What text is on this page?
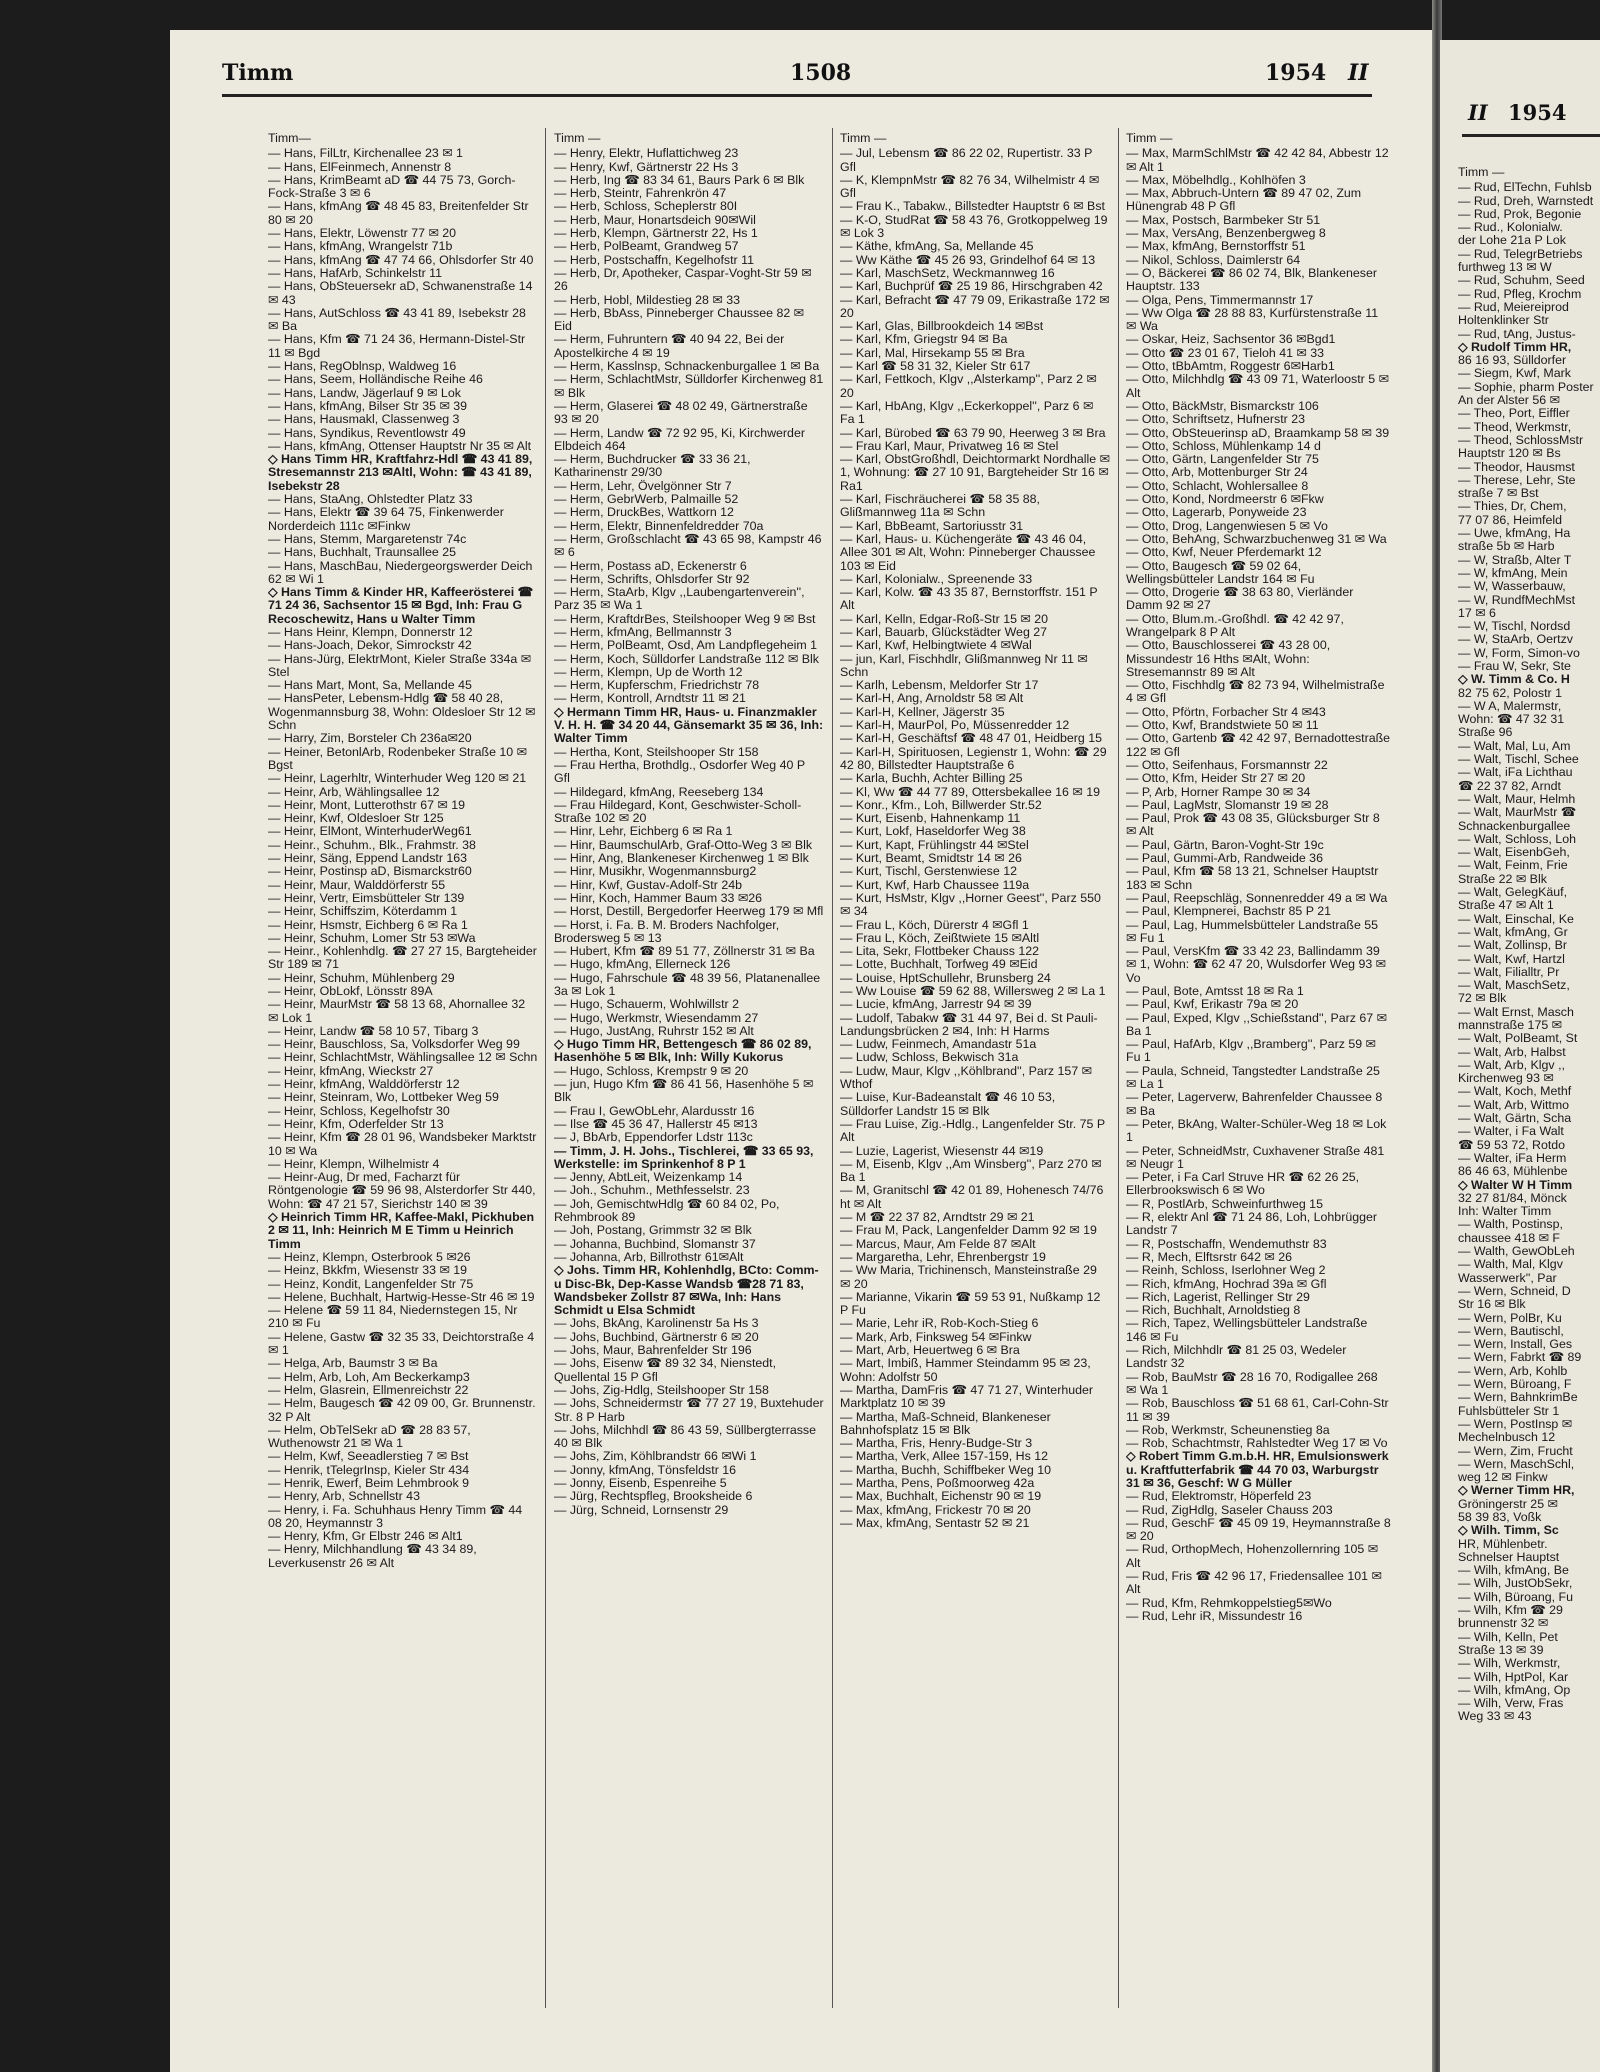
Timm	1508	1954 II
II 1954
Timm—
— Hans, FilLtr, Kirchenallee 23 ✉ 1
— Hans, ElFeinmech, Annenstr 8
— Hans, KrimBeamt aD ☎ 44 75 73, Gorch-Fock-Straße 3 ✉ 6
— Hans, kfmAng ☎ 48 45 83, Breitenfelder Str 80 ✉ 20
— Hans, Elektr, Löwenstr 77 ✉ 20
— Hans, kfmAng, Wrangelstr 71b
— Hans, kfmAng ☎ 47 74 66, Ohlsdorfer Str 40
— Hans, HafArb, Schinkelstr 11
— Hans, ObSteuersekr aD, Schwanenstraße 14 ✉ 43
— Hans, AutSchloss ☎ 43 41 89, Isebekstr 28 ✉ Ba
— Hans, Kfm ☎ 71 24 36, Hermann-Distel-Str 11 ✉ Bgd
— Hans, RegOblnsp, Waldweg 16
— Hans, Seem, Holländische Reihe 46
— Hans, Landw, Jägerlauf 9 ✉ Lok
— Hans, kfmAng, Bilser Str 35 ✉ 39
— Hans, Hausmakl, Classenweg 3
— Hans, Syndikus, Reventlowstr 49
— Hans, kfmAng, Ottenser Hauptstr Nr 35 ✉ Alt
◇ Hans Timm HR, Kraftfahrz-Hdl ☎ 43 41 89, Stresemannstr 213 ✉Altl, Wohn: ☎ 43 41 89, Isebekstr 28
— Hans, StaAng, Ohlstedter Platz 33
— Hans, Elektr ☎ 39 64 75, Finkenwerder Norderdeich 111c ✉Finkw
— Hans, Stemm, Margaretenstr 74c
— Hans, Buchhalt, Traunsallee 25
— Hans, MaschBau, Niedergeorgswerder Deich 62 ✉ Wi 1
◇ Hans Timm & Kinder HR, Kaffeerösterei ☎ 71 24 36, Sachsentor 15 ✉ Bgd, Inh: Frau G Recoschewitz, Hans u Walter Timm
— Hans Heinr, Klempn, Donnerstr 12
— Hans-Joach, Dekor, Simrockstr 42
— Hans-Jürg, ElektrMont, Kieler Straße 334a ✉ Stel
— Hans Mart, Mont, Sa, Mellande 45
— HansPeter, Lebensm-Hdlg ☎ 58 40 28, Wogenmannsburg 38, Wohn: Oldesloer Str 12 ✉ Schn
— Harry, Zim, Borsteler Ch 236a✉20
— Heiner, BetonlArb, Rodenbeker Straße 10 ✉ Bgst
— Heinr, Lagerhltr, Winterhuder Weg 120 ✉ 21
— Heinr, Arb, Wählingsallee 12
— Heinr, Mont, Lutterothstr 67 ✉ 19
— Heinr, Kwf, Oldesloer Str 125
— Heinr, ElMont, WinterhuderWeg61
— Heinr., Schuhm., Blk., Frahmstr. 38
— Heinr, Säng, Eppend Landstr 163
— Heinr, Postinsp aD, Bismarckstr60
— Heinr, Maur, Walddörferstr 55
— Heinr, Vertr, Eimsbütteler Str 139
— Heinr, Schiffszim, Köterdamm 1
— Heinr, Hsmstr, Eichberg 6 ✉ Ra 1
— Heinr, Schuhm, Lomer Str 53 ✉Wa
— Heinr., Kohlenhdlg. ☎ 27 27 15, Bargteheider Str 189 ✉ 71
— Heinr, Schuhm, Mühlenberg 29
— Heinr, ObLokf, Lönsstr 89A
— Heinr, MaurMstr ☎ 58 13 68, Ahornallee 32 ✉ Lok 1
— Heinr, Landw ☎ 58 10 57, Tibarg 3
— Heinr, Bauschloss, Sa, Volksdorfer Weg 99
— Heinr, SchlachtMstr, Wählingsallee 12 ✉ Schn
— Heinr, kfmAng, Wieckstr 27
— Heinr, kfmAng, Walddörferstr 12
— Heinr, Steinram, Wo, Lottbeker Weg 59
— Heinr, Schloss, Kegelhofstr 30
— Heinr, Kfm, Oderfelder Str 13
— Heinr, Kfm ☎ 28 01 96, Wandsbeker Marktstr 10 ✉ Wa
— Heinr, Klempn, Wilhelmistr 4
— Heinr-Aug, Dr med, Facharzt für Röntgenologie ☎ 59 96 98, Alsterdorfer Str 440, Wohn: ☎ 47 21 57, Sierichstr 140 ✉ 39
◇ Heinrich Timm HR, Kaffee-Makl, Pickhuben 2 ✉ 11, Inh: Heinrich M E Timm u Heinrich Timm
— Heinz, Klempn, Osterbrook 5 ✉26
— Heinz, Bkkfm, Wiesenstr 33 ✉ 19
— Heinz, Kondit, Langenfelder Str 75
— Helene, Buchhalt, Hartwig-Hesse-Str 46 ✉ 19
— Helene ☎ 59 11 84, Niedernstegen 15, Nr 210 ✉ Fu
— Helene, Gastw ☎ 32 35 33, Deichtorstraße 4 ✉ 1
— Helga, Arb, Baumstr 3 ✉ Ba
— Helm, Arb, Loh, Am Beckerkamp3
— Helm, Glasrein, Ellmenreichstr 22
— Helm, Baugesch ☎ 42 09 00, Gr. Brunnenstr. 32 P Alt
— Helm, ObTelSekr aD ☎ 28 83 57, Wuthenowstr 21 ✉ Wa 1
— Helm, Kwf, Seeadlerstieg 7 ✉ Bst
— Henrik, tTelegrInsp, Kieler Str 434
— Henrik, Ewerf, Beim Lehmbrook 9
— Henry, Arb, Schnellstr 43
— Henry, i. Fa. Schuhhaus Henry Timm ☎ 44 08 20, Heymannstr 3
— Henry, Kfm, Gr Elbstr 246 ✉ Alt1
— Henry, Milchhandlung ☎ 43 34 89, Leverkusenstr 26 ✉ Alt
Timm —
— Henry, Elektr, Huflattichweg 23
— Henry, Kwf, Gärtnerstr 22 Hs 3
— Herb, Ing ☎ 83 34 61, Baurs Park 6 ✉ Blk
— Herb, Steintr, Fahrenkrön 47
— Herb, Schloss, Scheplerstr 80I
— Herb, Maur, Honartsdeich 90✉Wil
— Herb, Klempn, Gärtnerstr 22, Hs 1
— Herb, PolBeamt, Grandweg 57
— Herb, Postschaffn, Kegelhofstr 11
— Herb, Dr, Apotheker, Caspar-Voght-Str 59 ✉ 26
— Herb, Hobl, Mildestieg 28 ✉ 33
— Herb, BbAss, Pinneberger Chaussee 82 ✉ Eid
— Herm, Fuhruntern ☎ 40 94 22, Bei der Apostelkirche 4 ✉ 19
— Herm, Kasslnsp, Schnackenburgallee 1 ✉ Ba
— Herm, SchlachtMstr, Sülldorfer Kirchenweg 81 ✉ Blk
— Herm, Glaserei ☎ 48 02 49, Gärtnerstraße 93 ✉ 20
— Herm, Landw ☎ 72 92 95, Ki, Kirchwerder Elbdeich 464
— Herm, Buchdrucker ☎ 33 36 21, Katharinenstr 29/30
— Herm, Lehr, Övelgönner Str 7
— Herm, GebrWerb, Palmaille 52
— Herm, DruckBes, Wattkorn 12
— Herm, Elektr, Binnenfeldredder 70a
— Herm, Großschlacht ☎ 43 65 98, Kampstr 46 ✉ 6
— Herm, Postass aD, Eckenerstr 6
— Herm, Schrifts, Ohlsdorfer Str 92
— Herm, StaArb, Klgv ,,Laubengartenverein'', Parz 35 ✉ Wa 1
— Herm, KraftdrBes, Steilshooper Weg 9 ✉ Bst
— Herm, kfmAng, Bellmannstr 3
— Herm, PolBeamt, Osd, Am Landpflegeheim 1
— Herm, Koch, Sülldorfer Landstraße 112 ✉ Blk
— Herm, Klempn, Up de Worth 12
— Herm, Kupferschm, Friedrichstr 78
— Herm, Kontroll, Arndtstr 11 ✉ 21
◇ Hermann Timm HR, Haus- u. Finanzmakler V. H. H. ☎ 34 20 44, Gänsemarkt 35 ✉ 36, Inh: Walter Timm
— Hertha, Kont, Steilshooper Str 158
— Frau Hertha, Brothdlg., Osdorfer Weg 40 P Gfl
— Hildegard, kfmAng, Reeseberg 134
— Frau Hildegard, Kont, Geschwister-Scholl-Straße 102 ✉ 20
— Hinr, Lehr, Eichberg 6 ✉ Ra 1
— Hinr, BaumschulArb, Graf-Otto-Weg 3 ✉ Blk
— Hinr, Ang, Blankeneser Kirchenweg 1 ✉ Blk
— Hinr, Musikhr, Wogenmannsburg2
— Hinr, Kwf, Gustav-Adolf-Str 24b
— Hinr, Koch, Hammer Baum 33 ✉26
— Horst, Destill, Bergedorfer Heerweg 179 ✉ Mfl
— Horst, i. Fa. B. M. Broders Nachfolger, Brodersweg 5 ✉ 13
— Hubert, Kfm ☎ 89 51 77, Zöllnerstr 31 ✉ Ba
— Hugo, kfmAng, Ellerneck 126
— Hugo, Fahrschule ☎ 48 39 56, Platanenallee 3a ✉ Lok 1
— Hugo, Schauerm, Wohlwillstr 2
— Hugo, Werkmstr, Wiesendamm 27
— Hugo, JustAng, Ruhrstr 152 ✉ Alt
◇ Hugo Timm HR, Bettengesch ☎ 86 02 89, Hasenhöhe 5 ✉ Blk, Inh: Willy Kukorus
— Hugo, Schloss, Krempstr 9 ✉ 20
— jun, Hugo Kfm ☎ 86 41 56, Hasenhöhe 5 ✉ Blk
— Frau I, GewObLehr, Alardusstr 16
— Ilse ☎ 45 36 47, Hallerstr 45 ✉13
— J, BbArb, Eppendorfer Ldstr 113c
— Timm, J. H. Johs., Tischlerei, ☎ 33 65 93, Werkstelle: im Sprinkenhof 8 P 1
— Jenny, AbtLeit, Weizenkamp 14
— Joh., Schuhm., Methfesselstr. 23
— Joh, GemischtwHdlg ☎ 60 84 02, Po, Rehmbrook 89
— Joh, Postang, Grimmstr 32 ✉ Blk
— Johanna, Buchbind, Slomanstr 37
— Johanna, Arb, Billrothstr 61✉Alt
◇ Johs. Timm HR, Kohlenhdlg, BCto: Comm- u Disc-Bk, Dep-Kasse Wandsb ☎28 71 83, Wandsbeker Zollstr 87 ✉Wa, Inh: Hans Schmidt u Elsa Schmidt
— Johs, BkAng, Karolinenstr 5a Hs 3
— Johs, Buchbind, Gärtnerstr 6 ✉ 20
— Johs, Maur, Bahrenfelder Str 196
— Johs, Eisenw ☎ 89 32 34, Nienstedt, Quellental 15 P Gfl
— Johs, Zig-Hdlg, Steilshooper Str 158
— Johs, Schneidermstr ☎ 77 27 19, Buxtehuder Str. 8 P Harb
— Johs, Milchhdl ☎ 86 43 59, Süllbergterrasse 40 ✉ Blk
— Johs, Zim, Köhlbrandstr 66 ✉Wi 1
— Jonny, kfmAng, Tönsfeldstr 16
— Jonny, Eisenb, Espenreihe 5
— Jürg, Rechtspfleg, Brooksheide 6
— Jürg, Schneid, Lornsenstr 29
Timm —
— Jul, Lebensm ☎ 86 22 02, Rupertistr. 33 P Gfl
— K, KlempnMstr ☎ 82 76 34, Wilhelmistr 4 ✉ Gfl
— Frau K., Tabakw., Billstedter Hauptstr 6 ✉ Bst
— K-O, StudRat ☎ 58 43 76, Grotkoppelweg 19 ✉ Lok 3
— Käthe, kfmAng, Sa, Mellande 45
— Ww Käthe ☎ 45 26 93, Grindelhof 64 ✉ 13
— Karl, MaschSetz, Weckmannweg 16
— Karl, Buchprüf ☎ 25 19 86, Hirschgraben 42
— Karl, Befracht ☎ 47 79 09, Erikastraße 172 ✉ 20
— Karl, Glas, Billbrookdeich 14 ✉Bst
— Karl, Kfm, Griegstr 94 ✉ Ba
— Karl, Mal, Hirsekamp 55 ✉ Bra
— Karl ☎ 58 31 32, Kieler Str 617
— Karl, Fettkoch, Klgv ,,Alsterkamp'', Parz 2 ✉ 20
— Karl, HbAng, Klgv ,,Eckerkoppel'', Parz 6 ✉ Fa 1
— Karl, Bürobed ☎ 63 79 90, Heerweg 3 ✉ Bra
— Frau Karl, Maur, Privatweg 16 ✉ Stel
— Karl, ObstGroßhdl, Deichtormarkt Nordhalle ✉ 1, Wohnung: ☎ 27 10 91, Bargteheider Str 16 ✉Ra1
— Karl, Fischräucherei ☎ 58 35 88, Glißmannweg 11a ✉ Schn
— Karl, BbBeamt, Sartoriusstr 31
— Karl, Haus- u. Küchengeräte ☎ 43 46 04, Allee 301 ✉ Alt, Wohn: Pinneberger Chaussee 103 ✉ Eid
— Karl, Kolonialw., Spreenende 33
— Karl, Kolw. ☎ 43 35 87, Bernstorffstr. 151 P Alt
— Karl, Kelln, Edgar-Roß-Str 15 ✉ 20
— Karl, Bauarb, Glückstädter Weg 27
— Karl, Kwf, Helbingtwiete 4 ✉Wal
— jun, Karl, Fischhdlr, Glißmannweg Nr 11 ✉ Schn
— Karlh, Lebensm, Meldorfer Str 17
— Karl-H, Ang, Arnoldstr 58 ✉ Alt
— Karl-H, Kellner, Jägerstr 35
— Karl-H, MaurPol, Po, Müssenredder 12
— Karl-H, Geschäftsf ☎ 48 47 01, Heidberg 15
— Karl-H, Spirituosen, Legienstr 1, Wohn: ☎ 29 42 80, Billstedter Hauptstraße 6
— Karla, Buchh, Achter Billing 25
— Kl, Ww ☎ 44 77 89, Ottersbekallee 16 ✉ 19
— Konr., Kfm., Loh, Billwerder Str.52
— Kurt, Eisenb, Hahnenkamp 11
— Kurt, Lokf, Haseldorfer Weg 38
— Kurt, Kapt, Frühlingstr 44 ✉Stel
— Kurt, Beamt, Smidtstr 14 ✉ 26
— Kurt, Tischl, Gerstenwiese 12
— Kurt, Kwf, Harb Chaussee 119a
— Kurt, HsMstr, Klgv ,,Horner Geest'', Parz 550 ✉ 34
— Frau L, Köch, Dürerstr 4 ✉Gfl 1
— Frau L, Köch, Zeißtwiete 15 ✉Altl
— Lita, Sekr, Flottbeker Chauss 122
— Lotte, Buchhalt, Torfweg 49 ✉Eid
— Louise, HptSchullehr, Brunsberg 24
— Ww Louise ☎ 59 62 88, Willersweg 2 ✉ La 1
— Lucie, kfmAng, Jarrestr 94 ✉ 39
— Ludolf, Tabakw ☎ 31 44 97, Bei d. St Pauli-Landungsbrücken 2 ✉4, Inh: H Harms
— Ludw, Feinmech, Amandastr 51a
— Ludw, Schloss, Bekwisch 31a
— Ludw, Maur, Klgv ,,Köhlbrand'', Parz 157 ✉ Wthof
— Luise, Kur-Badeanstalt ☎ 46 10 53, Sülldorfer Landstr 15 ✉ Blk
— Frau Luise, Zig.-Hdlg., Langenfelder Str. 75 P Alt
— Luzie, Lagerist, Wiesenstr 44 ✉19
— M, Eisenb, Klgv ,,Am Winsberg'', Parz 270 ✉ Ba 1
— M, Granitschl ☎ 42 01 89, Hohenesch 74/76 ht ✉ Alt
— M ☎ 22 37 82, Arndtstr 29 ✉ 21
— Frau M, Pack, Langenfelder Damm 92 ✉ 19
— Marcus, Maur, Am Felde 87 ✉Alt
— Margaretha, Lehr, Ehrenbergstr 19
— Ww Maria, Trichinensch, Mansteinstraße 29 ✉ 20
— Marianne, Vikarin ☎ 59 53 91, Nußkamp 12 P Fu
— Marie, Lehr iR, Rob-Koch-Stieg 6
— Mark, Arb, Finksweg 54 ✉Finkw
— Mart, Arb, Heuertweg 6 ✉ Bra
— Mart, Imbiß, Hammer Steindamm 95 ✉ 23, Wohn: Adolfstr 50
— Martha, DamFris ☎ 47 71 27, Winterhuder Marktplatz 10 ✉ 39
— Martha, Maß-Schneid, Blankeneser Bahnhofsplatz 15 ✉ Blk
— Martha, Fris, Henry-Budge-Str 3
— Martha, Verk, Allee 157-159, Hs 12
— Martha, Buchh, Schiffbeker Weg 10
— Martha, Pens, Poßmoorweg 42a
— Max, Buchhalt, Eichenstr 90 ✉ 19
— Max, kfmAng, Frickestr 70 ✉ 20
— Max, kfmAng, Sentastr 52 ✉ 21
Timm —
— Max, MarmSchlMstr ☎ 42 42 84, Abbestr 12 ✉ Alt 1
— Max, Möbelhdlg., Kohlhöfen 3
— Max, Abbruch-Untern ☎ 89 47 02, Zum Hünengrab 48 P Gfl
— Max, Postsch, Barmbeker Str 51
— Max, VersAng, Benzenbergweg 8
— Max, kfmAng, Bernstorffstr 51
— Nikol, Schloss, Daimlerstr 64
— O, Bäckerei ☎ 86 02 74, Blk, Blankeneser Hauptstr. 133
— Olga, Pens, Timmermannstr 17
— Ww Olga ☎ 28 88 83, Kurfürstenstraße 11 ✉ Wa
— Oskar, Heiz, Sachsentor 36 ✉Bgd1
— Otto ☎ 23 01 67, Tieloh 41 ✉ 33
— Otto, tBbAmtm, Roggestr 6✉Harb1
— Otto, Milchhdlg ☎ 43 09 71, Waterloostr 5 ✉ Alt
— Otto, BäckMstr, Bismarckstr 106
— Otto, Schriftsetz, Hufnerstr 23
— Otto, ObSteuerinsp aD, Braamkamp 58 ✉ 39
— Otto, Schloss, Mühlenkamp 14 d
— Otto, Gärtn, Langenfelder Str 75
— Otto, Arb, Mottenburger Str 24
— Otto, Schlacht, Wohlersallee 8
— Otto, Kond, Nordmeerstr 6 ✉Fkw
— Otto, Lagerarb, Ponyweide 23
— Otto, Drog, Langenwiesen 5 ✉ Vo
— Otto, BehAng, Schwarzbuchenweg 31 ✉ Wa
— Otto, Kwf, Neuer Pferdemarkt 12
— Otto, Baugesch ☎ 59 02 64, Wellingsbütteler Landstr 164 ✉ Fu
— Otto, Drogerie ☎ 38 63 80, Vierländer Damm 92 ✉ 27
— Otto, Blum.m.-Großhdl. ☎ 42 42 97, Wrangelpark 8 P Alt
— Otto, Bauschlosserei ☎ 43 28 00, Missundestr 16 Hths ✉Alt, Wohn: Stresemannstr 89 ✉ Alt
— Otto, Fischhdlg ☎ 82 73 94, Wilhelmistraße 4 ✉ Gfl
— Otto, Pförtn, Forbacher Str 4 ✉43
— Otto, Kwf, Brandstwiete 50 ✉ 11
— Otto, Gartenb ☎ 42 42 97, Bernadottestraße 122 ✉ Gfl
— Otto, Seifenhaus, Forsmannstr 22
— Otto, Kfm, Heider Str 27 ✉ 20
— P, Arb, Horner Rampe 30 ✉ 34
— Paul, LagMstr, Slomanstr 19 ✉ 28
— Paul, Prok ☎ 43 08 35, Glücksburger Str 8 ✉ Alt
— Paul, Gärtn, Baron-Voght-Str 19c
— Paul, Gummi-Arb, Randweide 36
— Paul, Kfm ☎ 58 13 21, Schnelser Hauptstr 183 ✉ Schn
— Paul, Reepschläg, Sonnenredder 49 a ✉ Wa
— Paul, Klempnerei, Bachstr 85 P 21
— Paul, Lag, Hummelsbütteler Landstraße 55 ✉ Fu 1
— Paul, VersKfm ☎ 33 42 23, Ballindamm 39 ✉ 1, Wohn: ☎ 62 47 20, Wulsdorfer Weg 93 ✉ Vo
— Paul, Bote, Amtsst 18 ✉ Ra 1
— Paul, Kwf, Erikastr 79a ✉ 20
— Paul, Exped, Klgv ,,Schießstand'', Parz 67 ✉ Ba 1
— Paul, HafArb, Klgv ,,Bramberg'', Parz 59 ✉ Fu 1
— Paula, Schneid, Tangstedter Landstraße 25 ✉ La 1
— Peter, Lagerverw, Bahrenfelder Chaussee 8 ✉ Ba
— Peter, BkAng, Walter-Schüler-Weg 18 ✉ Lok 1
— Peter, SchneidMstr, Cuxhavener Straße 481 ✉ Neugr 1
— Peter, i Fa Carl Struve HR ☎ 62 26 25, Ellerbrookswisch 6 ✉ Wo
— R, PostlArb, Schweinfurthweg 15
— R, elektr Anl ☎ 71 24 86, Loh, Lohbrügger Landstr 7
— R, Postschaffn, Wendemuthstr 83
— R, Mech, Elftsrstr 642 ✉ 26
— Reinh, Schloss, Iserlohner Weg 2
— Rich, kfmAng, Hochrad 39a ✉ Gfl
— Rich, Lagerist, Rellinger Str 29
— Rich, Buchhalt, Arnoldstieg 8
— Rich, Tapez, Wellingsbütteler Landstraße 146 ✉ Fu
— Rich, Milchhdlr ☎ 81 25 03, Wedeler Landstr 32
— Rob, BauMstr ☎ 28 16 70, Rodigallee 268 ✉ Wa 1
— Rob, Bauschloss ☎ 51 68 61, Carl-Cohn-Str 11 ✉ 39
— Rob, Werkmstr, Scheunenstieg 8a
— Rob, Schachtmstr, Rahlstedter Weg 17 ✉ Vo
◇ Robert Timm G.m.b.H. HR, Emulsionswerk u. Kraftfutterfabrik ☎ 44 70 03, Warburgstr 31 ✉ 36, Geschf: W G Müller
— Rud, Elektromstr, Höperfeld 23
— Rud, ZigHdlg, Saseler Chauss 203
— Rud, GeschF ☎ 45 09 19, Heymannstraße 8 ✉ 20
— Rud, OrthopMech, Hohenzollernring 105 ✉ Alt
— Rud, Fris ☎ 42 96 17, Friedensallee 101 ✉ Alt
— Rud, Kfm, Rehmkoppelstieg5✉Wo
— Rud, Lehr iR, Missundestr 16
Timm —
— Rud, ElTechn, Fuhlsb
— Rud, Dreh, Warnstedt
— Rud, Prok, Begonie
— Rud., Kolonialw.
der Lohe 21a P Lok
— Rud, TelegrBetriebs
furthweg 13 ✉ W
— Rud, Schuhm, Seed
— Rud, Pfleg, Krochm
— Rud, Meiereiprod
Holtenklinker Str
— Rud, tAng, Justus-
◇ Rudolf Timm HR,
86 16 93, Sülldorfer
— Siegm, Kwf, Mark
— Sophie, pharm Poster
An der Alster 56 ✉
— Theo, Port, Eiffler
— Theod, Werkmstr,
— Theod, SchlossMstr
Hauptstr 120 ✉ Bs
— Theodor, Hausmst
— Therese, Lehr, Ste
straße 7 ✉ Bst
— Thies, Dr, Chem,
77 07 86, Heimfeld
— Uwe, kfmAng, Ha
straße 5b ✉ Harb
— W, Straßb, Alter T
— W, kfmAng, Mein
— W, Wasserbauw,
— W, RundfMechMst
17 ✉ 6
— W, Tischl, Nordsd
— W, StaArb, Oertzv
— W, Form, Simon-vo
— Frau W, Sekr, Ste
◇ W. Timm & Co. H
82 75 62, Polostr 1
— W A, Malermstr,
Wohn: ☎ 47 32 31
Straße 96
— Walt, Mal, Lu, Am
— Walt, Tischl, Schee
— Walt, iFa Lichthau
☎ 22 37 82, Arndt
— Walt, Maur, Helmh
— Walt, MaurMstr ☎
Schnackenburgallee
— Walt, Schloss, Loh
— Walt, EisenbGeh,
— Walt, Feinm, Frie
Straße 22 ✉ Blk
— Walt, GelegKäuf,
Straße 47 ✉ Alt 1
— Walt, Einschal, Ke
— Walt, kfmAng, Gr
— Walt, Zollinsp, Br
— Walt, Kwf, Hartzl
— Walt, Filialltr, Pr
— Walt, MaschSetz,
72 ✉ Blk
— Walt Ernst, Masch
mannstraße 175 ✉
— Walt, PolBeamt, St
— Walt, Arb, Halbst
— Walt, Arb, Klgv ,,
Kirchenweg 93 ✉
— Walt, Koch, Methf
— Walt, Arb, Wittmo
— Walt, Gärtn, Scha
— Walter, i Fa Walt
☎ 59 53 72, Rotdo
— Walter, iFa Herm
86 46 63, Mühlenbe
◇ Walter W H Timm
32 27 81/84, Mönck
Inh: Walter Timm
— Walth, Postinsp,
chaussee 418 ✉ F
— Walth, GewObLeh
— Walth, Mal, Klgv
Wasserwerk'', Par
— Wern, Schneid, D
Str 16 ✉ Blk
— Wern, PolBr, Ku
— Wern, Bautischl,
— Wern, Install, Ges
— Wern, Fabrkt ☎ 89
— Wern, Arb, Kohlb
— Wern, Büroang, F
— Wern, BahnkrimBe
Fuhlsbütteler Str 1
— Wern, PostInsp ✉
Mechelnbusch 12
— Wern, Zim, Frucht
— Wern, MaschSchl,
weg 12 ✉ Finkw
◇ Werner Timm HR,
Gröningerstr 25 ✉
58 39 83, Voßk
◇ Wilh. Timm, Sc
HR, Mühlenbetr.
Schnelser Hauptst
— Wilh, kfmAng, Be
— Wilh, JustObSekr,
— Wilh, Büroang, Fu
— Wilh, Kfm ☎ 29
brunnenstr 32 ✉
— Wilh, Kelln, Pet
Straße 13 ✉ 39
— Wilh, Werkmstr,
— Wilh, HptPol, Kar
— Wilh, kfmAng, Op
— Wilh, Verw, Fras
Weg 33 ✉ 43
